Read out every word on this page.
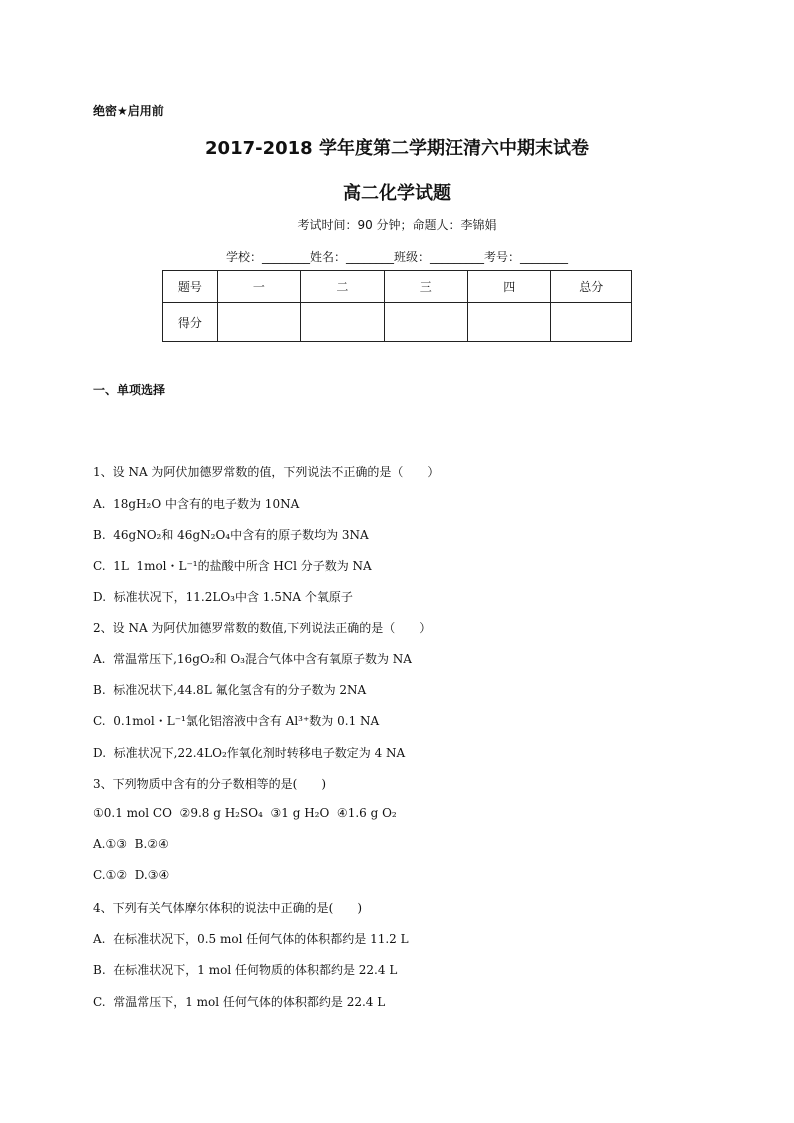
绝密★启用前
2017-2018 学年度第二学期汪清六中期末试卷
高二化学试题
考试时间：90 分钟；命题人：李锦娟
学校：________姓名：________班级：_________考号：________
题号	一	二	三	四	总分
得分					
一、单项选择
1、设 NA 为阿伏加德罗常数的值，下列说法不正确的是（　　）
A.  18gH₂O 中含有的电子数为 10NA
B.  46gNO₂和 46gN₂O₄中含有的原子数均为 3NA
C.  1L  1mol・L⁻¹的盐酸中所含 HCl 分子数为 NA
D.  标准状况下，11.2LO₃中含 1.5NA 个氧原子
2、设 NA 为阿伏加德罗常数的数值,下列说法正确的是（　　）
A.  常温常压下,16gO₂和 O₃混合气体中含有氧原子数为 NA
B.  标准况状下,44.8L 氟化氢含有的分子数为 2NA
C.  0.1mol・L⁻¹氯化铝溶液中含有 Al³⁺数为 0.1 NA
D.  标准状况下,22.4LO₂作氧化剂时转移电子数定为 4 NA
3、下列物质中含有的分子数相等的是(　　)
①0.1 mol CO  ②9.8 g H₂SO₄  ③1 g H₂O  ④1.6 g O₂
A.①③  B.②④
C.①②  D.③④
4、下列有关气体摩尔体积的说法中正确的是(　　)
A.  在标准状况下，0.5 mol 任何气体的体积都约是 11.2 L
B.  在标准状况下，1 mol 任何物质的体积都约是 22.4 L
C.  常温常压下，1 mol 任何气体的体积都约是 22.4 L
